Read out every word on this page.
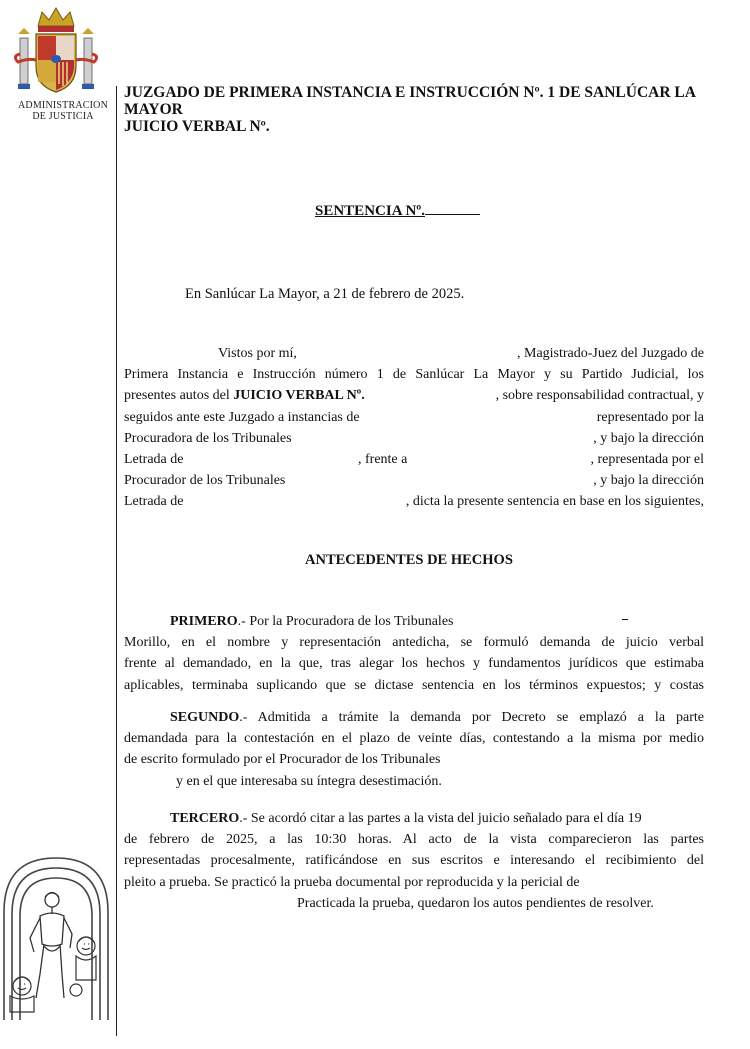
ADMINISTRACION
DE JUSTICIA
JUZGADO DE PRIMERA INSTANCIA E INSTRUCCIÓN Nº. 1 DE SANLÚCAR LA
MAYOR
JUICIO VERBAL Nº.
SENTENCIA Nº.
En Sanlúcar La Mayor, a 21 de febrero de 2025.
Vistos por mí,	, Magistrado-Juez del Juzgado de
Primera Instancia e Instrucción número 1 de Sanlúcar La Mayor y su Partido Judicial, los
presentes autos del JUICIO VERBAL Nº.	, sobre responsabilidad contractual, y
seguidos ante este Juzgado a instancias de	representado por la
Procuradora de los Tribunales	, y bajo la dirección
Letrada de	, frente a	, representada por el
Procurador de los Tribunales	, y bajo la dirección
Letrada de	, dicta la presente sentencia en base en los siguientes,
ANTECEDENTES DE HECHOS
PRIMERO.- Por la Procuradora de los Tribunales
Morillo, en el nombre y representación antedicha, se formuló demanda de juicio verbal
frente al demandado, en la que, tras alegar los hechos y fundamentos jurídicos que estimaba
aplicables, terminaba suplicando que se dictase sentencia en los términos expuestos; y costas
SEGUNDO.- Admitida a trámite la demanda por Decreto se emplazó a la parte
demandada para la contestación en el plazo de veinte días, contestando a la misma por medio
de escrito formulado por el Procurador de los Tribunales
y en el que interesaba su íntegra desestimación.
TERCERO.- Se acordó citar a las partes a la vista del juicio señalado para el día 19
de febrero de 2025, a las 10:30 horas. Al acto de la vista comparecieron las partes
representadas procesalmente, ratificándose en sus escritos e interesando el recibimiento del
pleito a prueba. Se practicó la prueba documental por reproducida y la pericial de
Practicada la prueba, quedaron los autos pendientes de resolver.
